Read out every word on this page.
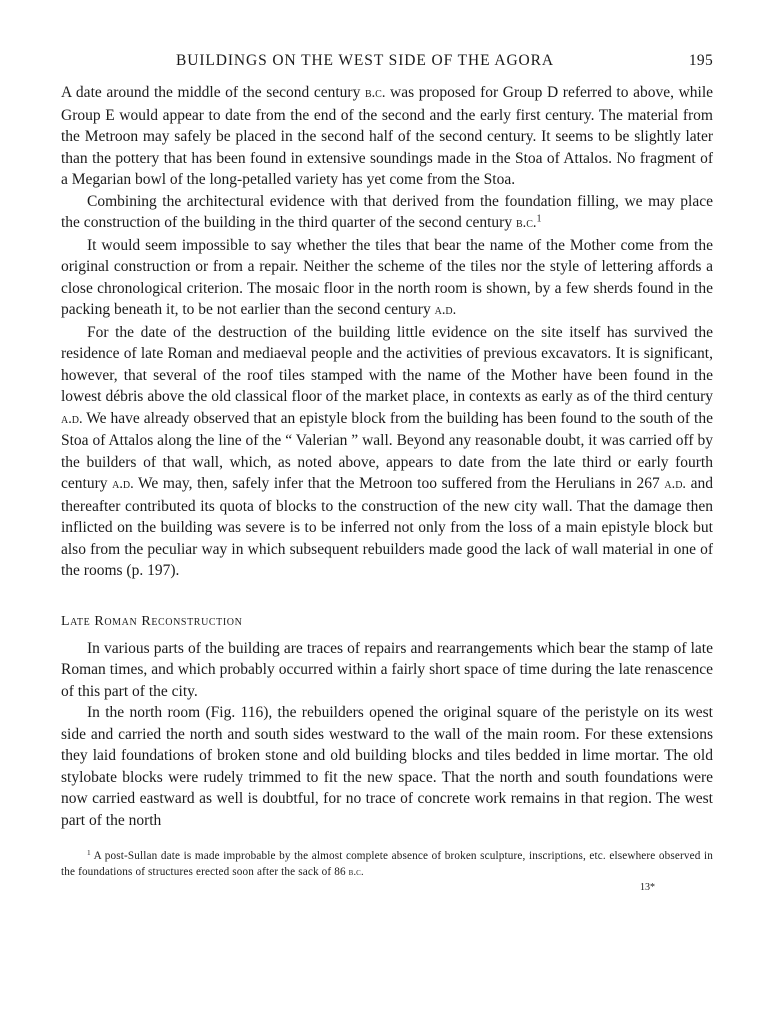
BUILDINGS ON THE WEST SIDE OF THE AGORA	195

A date around the middle of the second century b.c. was proposed for Group D referred to above, while Group E would appear to date from the end of the second and the early first century. The material from the Metroon may safely be placed in the second half of the second century. It seems to be slightly later than the pottery that has been found in extensive soundings made in the Stoa of Attalos. No fragment of a Megarian bowl of the long-petalled variety has yet come from the Stoa.

Combining the architectural evidence with that derived from the foundation filling, we may place the construction of the building in the third quarter of the second century b.c.$^1$

It would seem impossible to say whether the tiles that bear the name of the Mother come from the original construction or from a repair. Neither the scheme of the tiles nor the style of lettering affords a close chronological criterion. The mosaic floor in the north room is shown, by a few sherds found in the packing beneath it, to be not earlier than the second century a.d.

For the date of the destruction of the building little evidence on the site itself has survived the residence of late Roman and mediaeval people and the activities of previous excavators. It is significant, however, that several of the roof tiles stamped with the name of the Mother have been found in the lowest débris above the old classical floor of the market place, in contexts as early as of the third century a.d. We have already observed that an epistyle block from the building has been found to the south of the Stoa of Attalos along the line of the “ Valerian ” wall. Beyond any reasonable doubt, it was carried off by the builders of that wall, which, as noted above, appears to date from the late third or early fourth century a.d. We may, then, safely infer that the Metroon too suffered from the Herulians in 267 a.d. and thereafter contributed its quota of blocks to the construction of the new city wall. That the damage then inflicted on the building was severe is to be inferred not only from the loss of a main epistyle block but also from the peculiar way in which subsequent rebuilders made good the lack of wall material in one of the rooms (p. 197).

Late Roman Reconstruction

In various parts of the building are traces of repairs and rearrangements which bear the stamp of late Roman times, and which probably occurred within a fairly short space of time during the late renascence of this part of the city.

In the north room (Fig. 116), the rebuilders opened the original square of the peristyle on its west side and carried the north and south sides westward to the wall of the main room. For these extensions they laid foundations of broken stone and old building blocks and tiles bedded in lime mortar. The old stylobate blocks were rudely trimmed to fit the new space. That the north and south foundations were now carried eastward as well is doubtful, for no trace of concrete work remains in that region. The west part of the north

$^1$ A post-Sullan date is made improbable by the almost complete absence of broken sculpture, inscriptions, etc. elsewhere observed in the foundations of structures erected soon after the sack of 86 b.c.
13*
